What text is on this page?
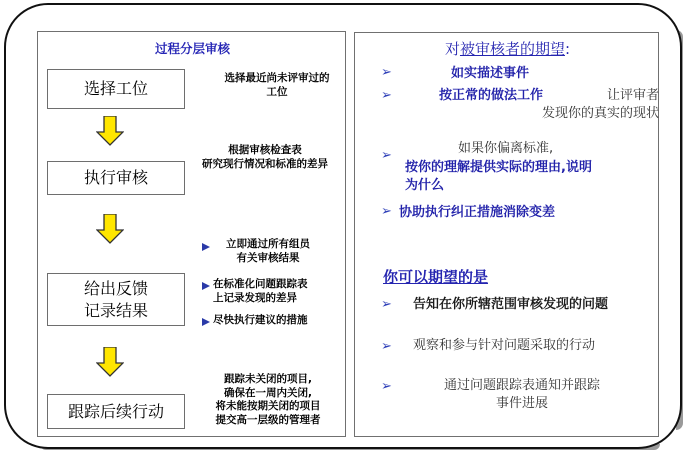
过程分层审核
选择工位
选择最近尚未评审过的
工位
根据审核检查表
研究现行情况和标准的差异
执行审核
给出反馈
记录结果
立即通过所有组员
有关审核结果
在标准化问题跟踪表
上记录发现的差异
尽快执行建议的措施
跟踪后续行动
跟踪未关闭的项目,
确保在一周内关闭,
将未能按期关闭的项目
提交高一层级的管理者
对被审核者的期望:
➢	如实描述事件
➢	按正常的做法工作	让评审者
发现你的真实的现状
➢	如果你偏离标准,
按你的理解提供实际的理由,说明
为什么
➢ 协助执行纠正措施消除变差
你可以期望的是
➢ 告知在你所辖范围审核发现的问题
➢ 观察和参与针对问题采取的行动
➢	通过问题跟踪表通知并跟踪
事件进展
